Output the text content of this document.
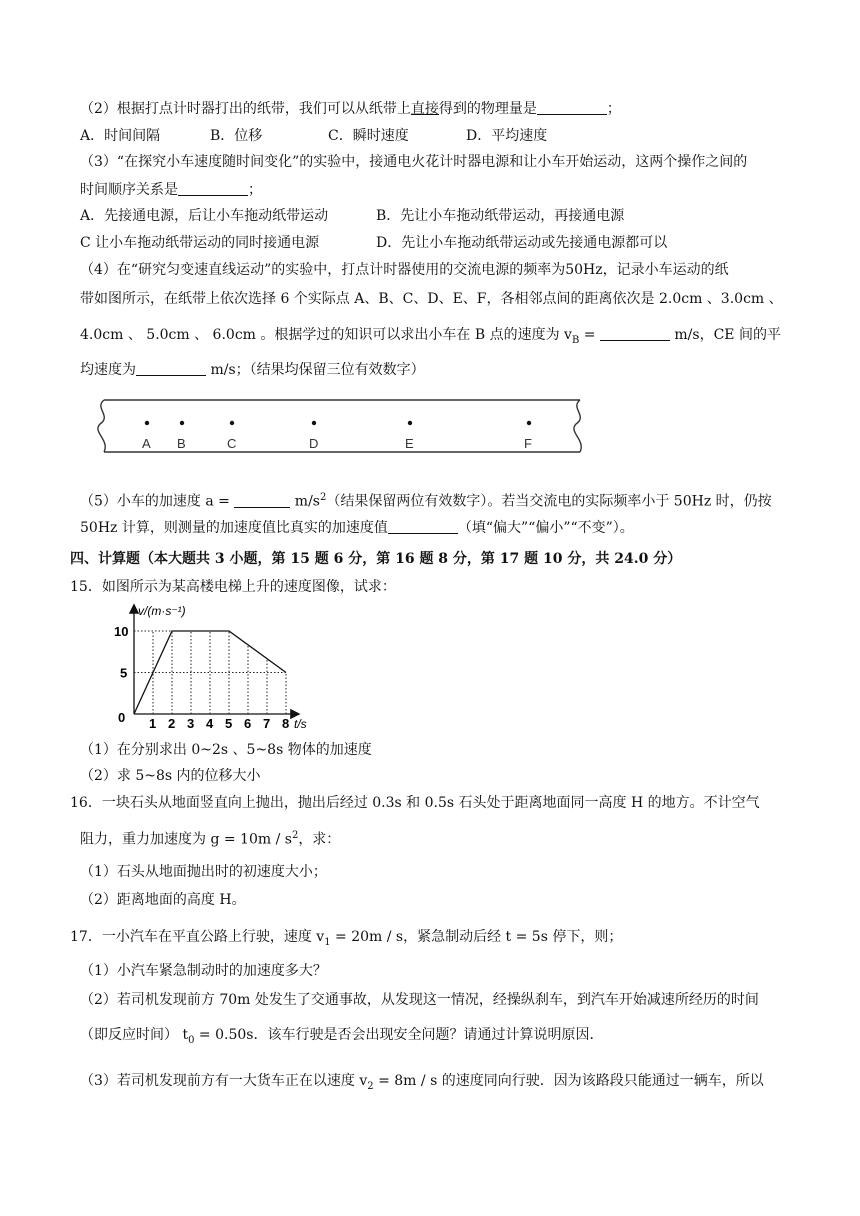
（2）根据打点计时器打出的纸带，我们可以从纸带上直接得到的物理量是	；
A．时间间隔	B．位移	C．瞬时速度	D．平均速度
（3）“在探究小车速度随时间变化”的实验中，接通电火花计时器电源和让小车开始运动，这两个操作之间的
时间顺序关系是	；
A．先接通电源，后让小车拖动纸带运动	B．先让小车拖动纸带运动，再接通电源
C 让小车拖动纸带运动的同时接通电源	D．先让小车拖动纸带运动或先接通电源都可以
（4）在“研究匀变速直线运动”的实验中，打点计时器使用的交流电源的频率为50Hz，记录小车运动的纸
带如图所示，在纸带上依次选择 6 个实际点 A、B、C、D、E、F，各相邻点间的距离依次是 2.0cm 、3.0cm 、
4.0cm 、 5.0cm 、 6.0cm 。根据学过的知识可以求出小车在 B 点的速度为 $v_B$ =	m/s，CE 间的平
均速度为	m/s；（结果均保留三位有效数字）
A B	C	D	E	F
（5）小车的加速度 a =	$m/s^2$（结果保留两位有效数字）。若当交流电的实际频率小于 50Hz 时，仍按
50Hz 计算，则测量的加速度值比真实的加速度值	（填“偏大”“偏小”“不变”）。
四、计算题（本大题共 3 小题，第 15 题 6 分，第 16 题 8 分，第 17 题 10 分，共 24.0 分）
15．如图所示为某高楼电梯上升的速度图像，试求：
v/(m·s⁻¹)
t/s
0 1 2 3 4 5 6 7 8
10
5
（1）在分别求出 0~2s 、5~8s 物体的加速度
（2）求 5~8s 内的位移大小
16．一块石头从地面竖直向上抛出，抛出后经过 0.3s 和 0.5s 石头处于距离地面同一高度 H 的地方。不计空气
阻力，重力加速度为 $g = 10m / s^2$，求：
（1）石头从地面抛出时的初速度大小；
（2）距离地面的高度 H。
17．一小汽车在平直公路上行驶，速度 $v_1 = 20m / s$，紧急制动后经 t = 5s 停下，则；
（1）小汽车紧急制动时的加速度多大？
（2）若司机发现前方 70m 处发生了交通事故，从发现这一情况，经操纵刹车，到汽车开始减速所经历的时间
（即反应时间） $t_0 = 0.50s$．该车行驶是否会出现安全问题？请通过计算说明原因．
（3）若司机发现前方有一大货车正在以速度 $v_2 = 8m / s$ 的速度同向行驶．因为该路段只能通过一辆车，所以
